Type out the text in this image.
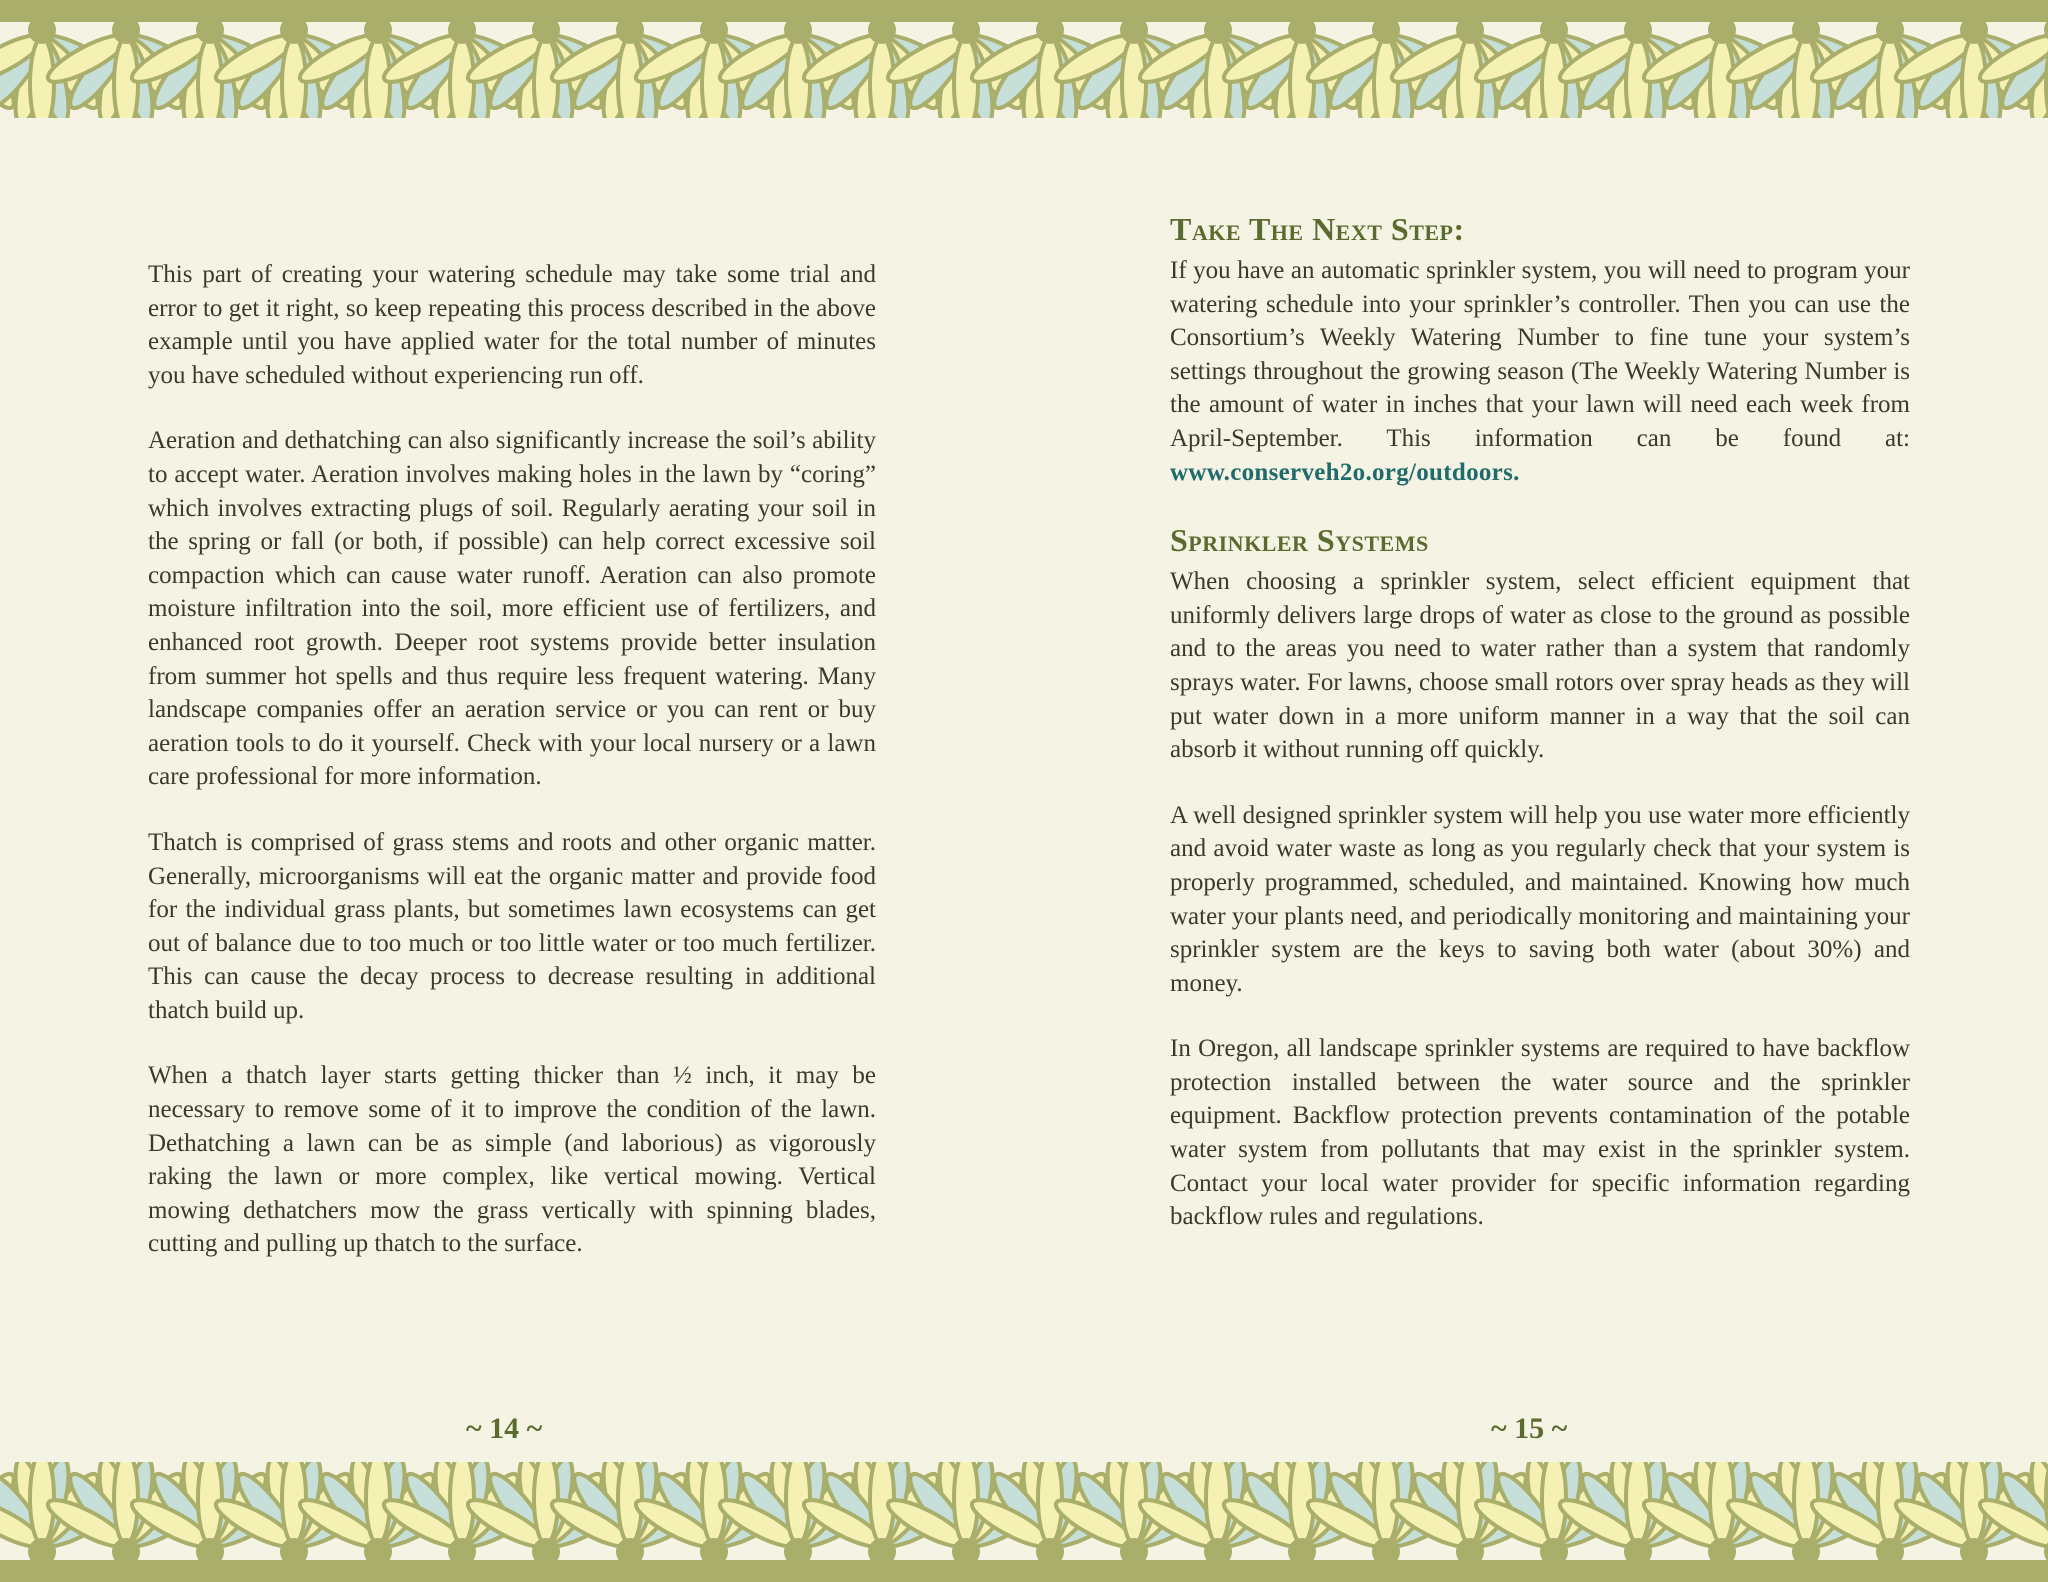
This part of creating your watering schedule may take some trial and error to get it right, so keep repeating this process described in the above example until you have applied water for the total number of minutes you have scheduled without experiencing run off.

Aeration and dethatching can also significantly increase the soil’s ability to accept water. Aeration involves making holes in the lawn by “coring” which involves extracting plugs of soil. Regularly aerating your soil in the spring or fall (or both, if possible) can help correct excessive soil compaction which can cause water runoff. Aeration can also promote moisture infiltration into the soil, more efficient use of fertilizers, and enhanced root growth. Deeper root systems provide better insulation from summer hot spells and thus require less frequent watering. Many landscape companies offer an aeration service or you can rent or buy aeration tools to do it yourself. Check with your local nursery or a lawn care professional for more information.

Thatch is comprised of grass stems and roots and other organic matter. Generally, microorganisms will eat the organic matter and provide food for the individual grass plants, but sometimes lawn ecosystems can get out of balance due to too much or too little water or too much fertilizer. This can cause the decay process to decrease resulting in additional thatch build up.

When a thatch layer starts getting thicker than ½ inch, it may be necessary to remove some of it to improve the condition of the lawn. Dethatching a lawn can be as simple (and laborious) as vigorously raking the lawn or more complex, like vertical mowing. Vertical mowing dethatchers mow the grass vertically with spinning blades, cutting and pulling up thatch to the surface.

Take The Next Step:

If you have an automatic sprinkler system, you will need to program your watering schedule into your sprinkler’s controller. Then you can use the Consortium’s Weekly Watering Number to fine tune your system’s settings throughout the growing season (The Weekly Watering Number is the amount of water in inches that your lawn will need each week from April-September. This information can be found at: www.conserveh2o.org/outdoors.

Sprinkler Systems

When choosing a sprinkler system, select efficient equipment that uniformly delivers large drops of water as close to the ground as possible and to the areas you need to water rather than a system that randomly sprays water. For lawns, choose small rotors over spray heads as they will put water down in a more uniform manner in a way that the soil can absorb it without running off quickly.

A well designed sprinkler system will help you use water more efficiently and avoid water waste as long as you regularly check that your system is properly programmed, scheduled, and maintained. Knowing how much water your plants need, and periodically monitoring and maintaining your sprinkler system are the keys to saving both water (about 30%) and money.

In Oregon, all landscape sprinkler systems are required to have backflow protection installed between the water source and the sprinkler equipment. Backflow protection prevents contamination of the potable water system from pollutants that may exist in the sprinkler system. Contact your local water provider for specific information regarding backflow rules and regulations.

~ 14 ~	~ 15 ~
